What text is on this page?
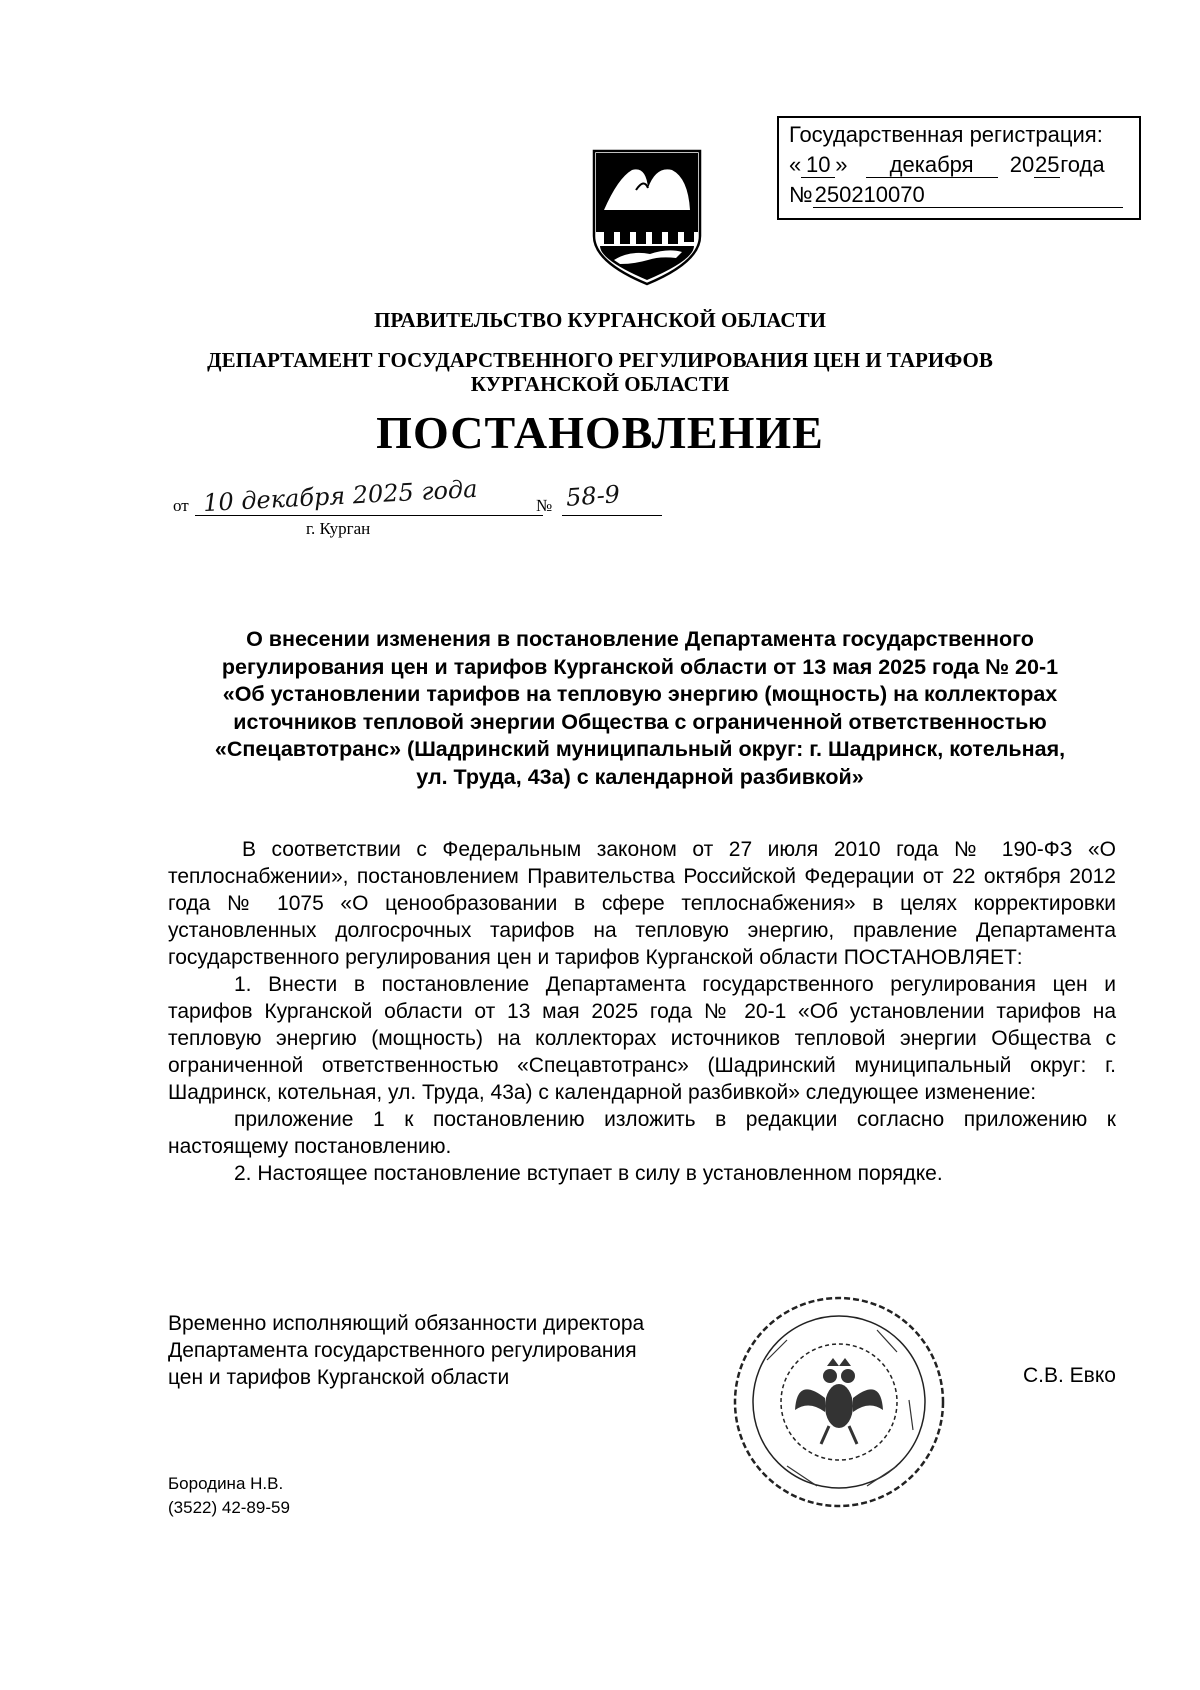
Государственная регистрация:
« 10 » декабря 2025года
№250210070
ПРАВИТЕЛЬСТВО КУРГАНСКОЙ ОБЛАСТИ
ДЕПАРТАМЕНТ ГОСУДАРСТВЕННОГО РЕГУЛИРОВАНИЯ ЦЕН И ТАРИФОВ
КУРГАНСКОЙ ОБЛАСТИ
ПОСТАНОВЛЕНИЕ
от 10 декабря 2025 года	№ 58-9
г. Курган
О внесении изменения в постановление Департамента государственного
регулирования цен и тарифов Курганской области от 13 мая 2025 года № 20-1
«Об установлении тарифов на тепловую энергию (мощность) на коллекторах
источников тепловой энергии Общества с ограниченной ответственностью
«Спецавтотранс» (Шадринский муниципальный округ: г. Шадринск, котельная,
ул. Труда, 43а) с календарной разбивкой»

В соответствии с Федеральным законом от 27 июля 2010 года № 190-ФЗ «О теплоснабжении», постановлением Правительства Российской Федерации от 22 октября 2012 года № 1075 «О ценообразовании в сфере теплоснабжения» в целях корректировки установленных долгосрочных тарифов на тепловую энергию, правление Департамента государственного регулирования цен и тарифов Курганской области ПОСТАНОВЛЯЕТ:

1. Внести в постановление Департамента государственного регулирования цен и тарифов Курганской области от 13 мая 2025 года № 20-1 «Об установлении тарифов на тепловую энергию (мощность) на коллекторах источников тепловой энергии Общества с ограниченной ответственностью «Спецавтотранс» (Шадринский муниципальный округ: г. Шадринск, котельная, ул. Труда, 43а) с календарной разбивкой» следующее изменение:

приложение 1 к постановлению изложить в редакции согласно приложению к настоящему постановлению.

2. Настоящее постановление вступает в силу в установленном порядке.

Временно исполняющий обязанности директора
Департамента государственного регулирования
цен и тарифов Курганской области	С.В. Евко
Бородина Н.В.
(3522) 42-89-59
